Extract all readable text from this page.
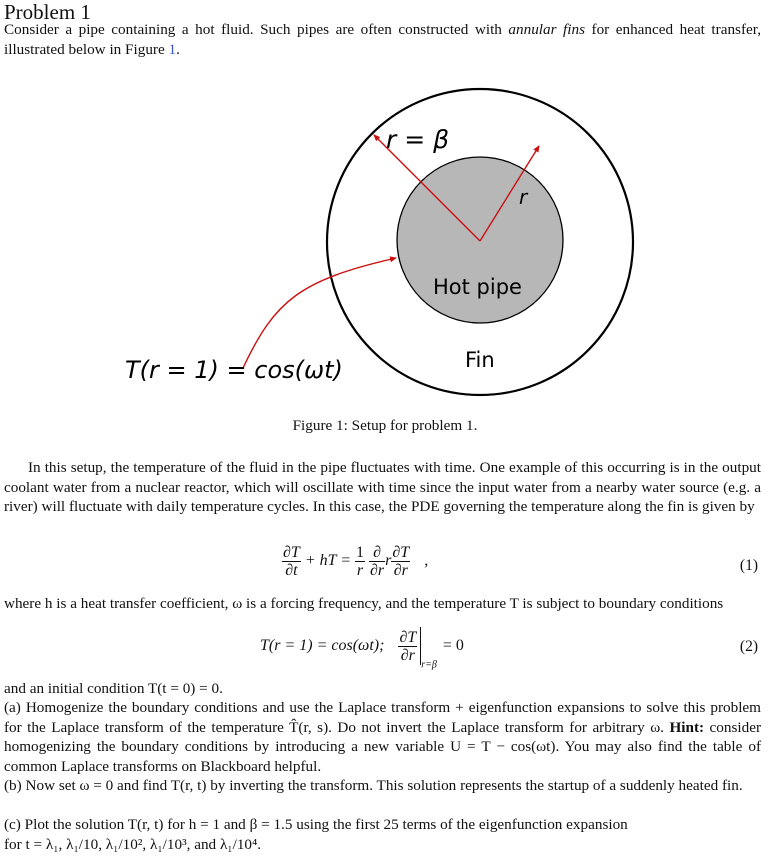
Problem 1

Consider a pipe containing a hot fluid. Such pipes are often constructed with annular fins for enhanced heat transfer, illustrated below in Figure 1.

r = β
r
Hot pipe
Fin
T(r = 1) = cos(ωt)
Figure 1: Setup for problem 1.

In this setup, the temperature of the fluid in the pipe fluctuates with time. One example of this occurring is in the output coolant water from a nuclear reactor, which will oscillate with time since the input water from a nearby water source (e.g. a river) will fluctuate with daily temperature cycles. In this case, the PDE governing the temperature along the fin is given by

$\frac{\partial T}{\partial t}$ + hT = $\frac{1}{r}$
$\frac{\partial}{\partial r}$ r $\frac{\partial T}{\partial r}$ ,	(1)

where h is a heat transfer coefficient, ω is a forcing frequency, and the temperature T is subject to boundary conditions

T(r = 1) = cos(ωt); $\frac{\partial T}{\partial r}$
$_{r=\beta}$ = 0	(2)

and an initial condition T(t = 0) = 0.

(a) Homogenize the boundary conditions and use the Laplace transform + eigenfunction expansions to solve this problem for the Laplace transform of the temperature T̂(r, s). Do not invert the Laplace transform for arbitrary ω. Hint: consider homogenizing the boundary conditions by introducing a new variable U = T − cos(ωt). You may also find the table of common Laplace transforms on Blackboard helpful.

(b) Now set ω = 0 and find T(r, t) by inverting the transform. This solution represents the startup of a suddenly heated fin.

(c) Plot the solution T(r, t) for h = 1 and β = 1.5 using the first 25 terms of the eigenfunction expansion
for t = λ₁, λ₁/10, λ₁/10², λ₁/10³, and λ₁/10⁴.
